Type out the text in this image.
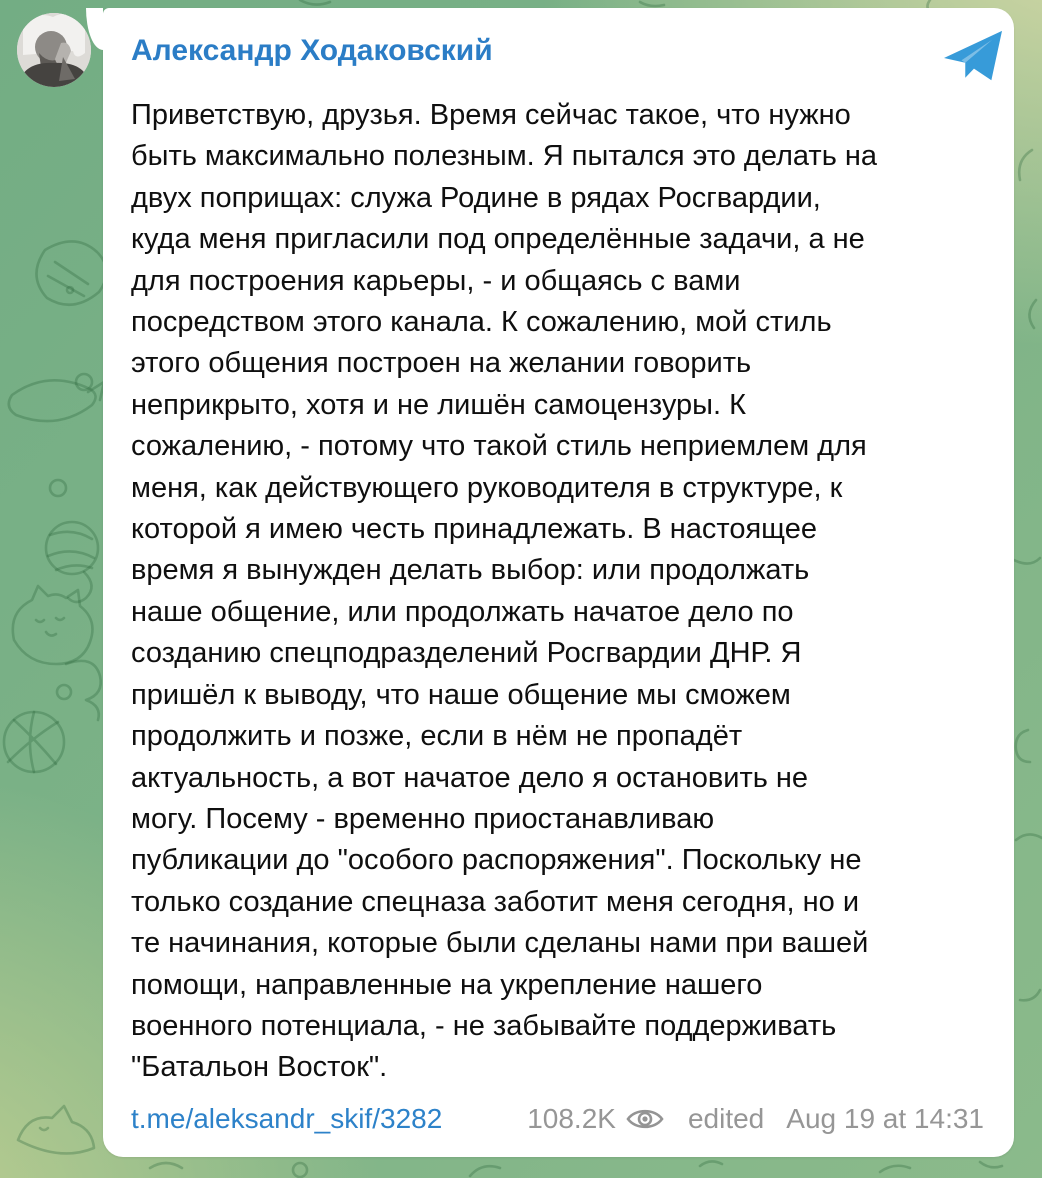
Александр Ходаковский
Приветствую, друзья. Время сейчас такое, что нужно
быть максимально полезным. Я пытался это делать на
двух поприщах: служа Родине в рядах Росгвардии,
куда меня пригласили под определённые задачи, а не
для построения карьеры, - и общаясь с вами
посредством этого канала. К сожалению, мой стиль
этого общения построен на желании говорить
неприкрыто, хотя и не лишён самоцензуры. К
сожалению, - потому что такой стиль неприемлем для
меня, как действующего руководителя в структуре, к
которой я имею честь принадлежать. В настоящее
время я вынужден делать выбор: или продолжать
наше общение, или продолжать начатое дело по
созданию спецподразделений Росгвардии ДНР. Я
пришёл к выводу, что наше общение мы сможем
продолжить и позже, если в нём не пропадёт
актуальность, а вот начатое дело я остановить не
могу. Посему - временно приостанавливаю
публикации до "особого распоряжения". Поскольку не
только создание спецназа заботит меня сегодня, но и
те начинания, которые были сделаны нами при вашей
помощи, направленные на укрепление нашего
военного потенциала, - не забывайте поддерживать
"Батальон Восток".
t.me/aleksandr_skif/3282	108.2K	edited Aug 19 at 14:31
